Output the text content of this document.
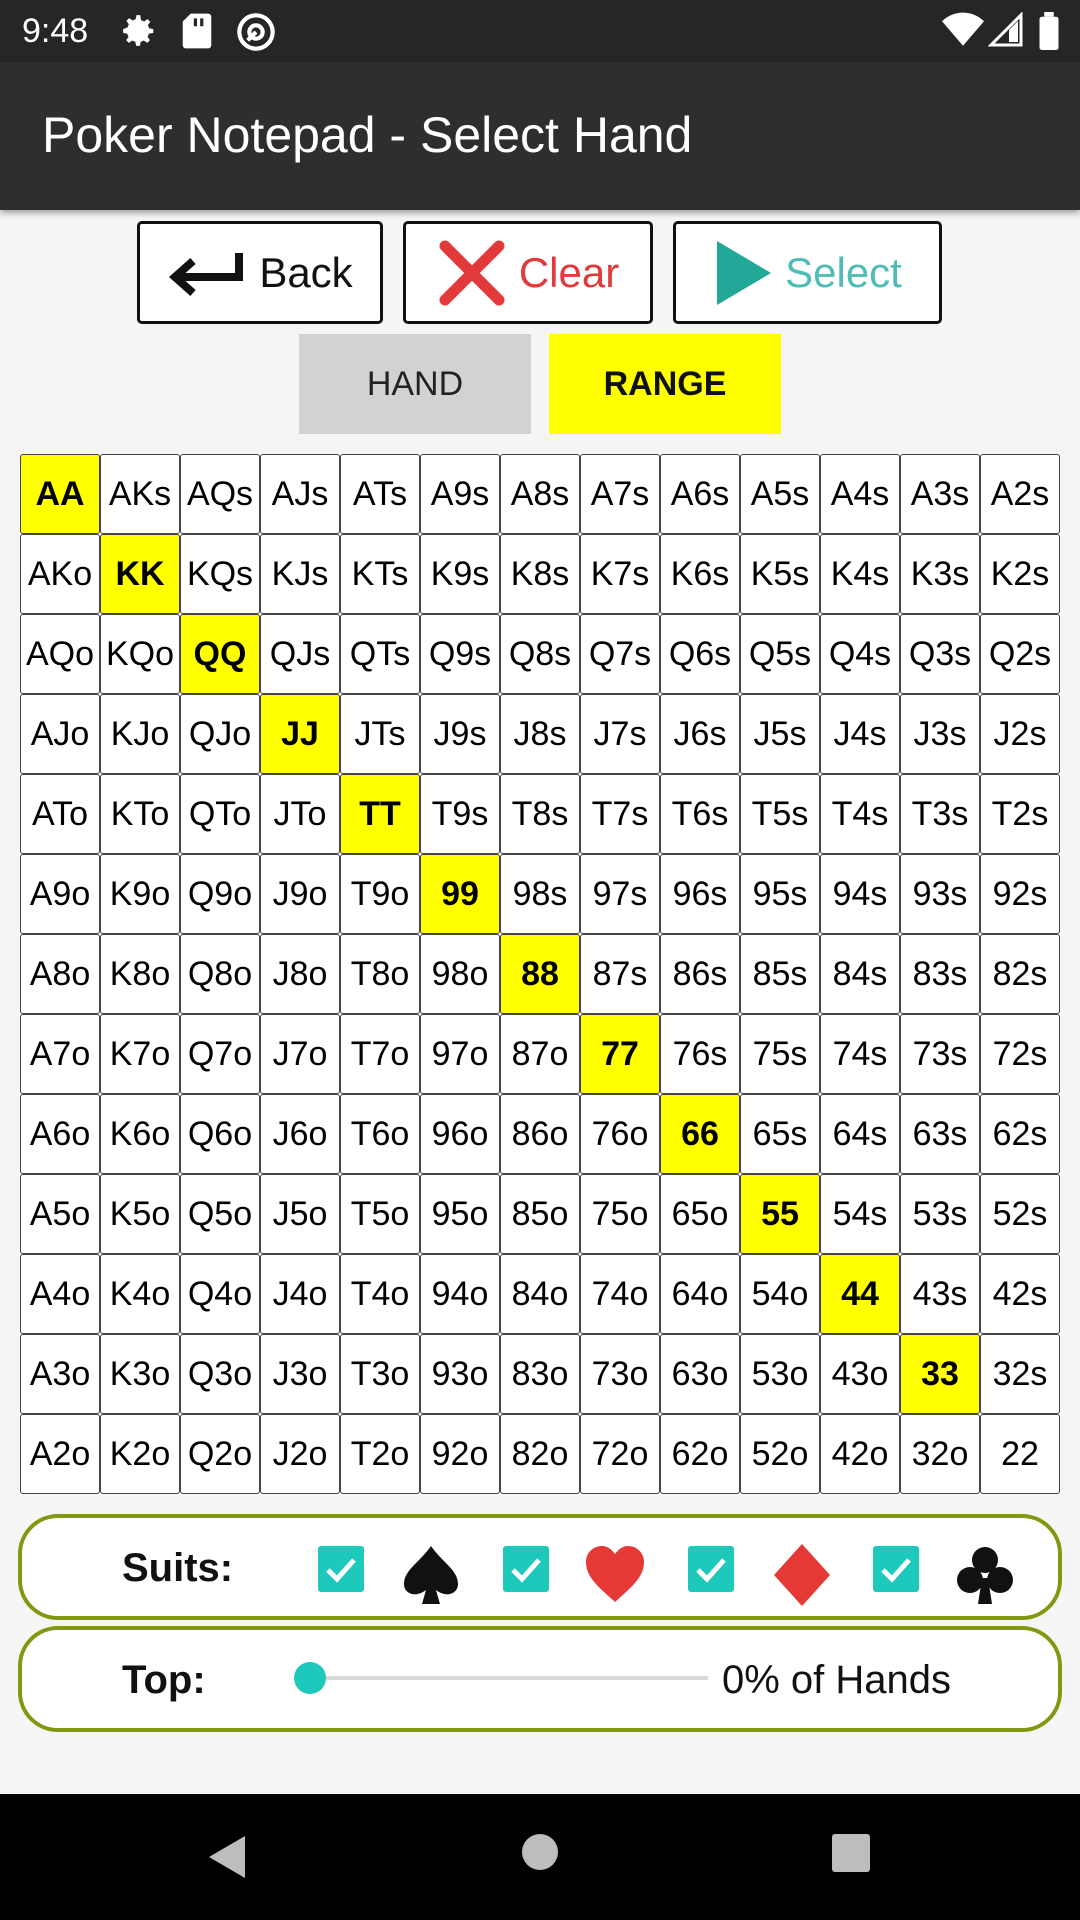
9:48
Poker Notepad - Select Hand
Back	Clear	Select
HAND	RANGE
AA AKs AQs AJs ATs A9s A8s A7s A6s A5s A4s A3s A2s
AKo KK KQs KJs KTs K9s K8s K7s K6s K5s K4s K3s K2s
AQo KQo QQ QJs QTs Q9s Q8s Q7s Q6s Q5s Q4s Q3s Q2s
AJo KJo QJo JJ	JTs J9s J8s J7s J6s J5s J4s J3s J2s
ATo KTo QTo JTo TT T9s T8s T7s T6s T5s T4s T3s T2s
A9o K9o Q9o J9o T9o 99 98s 97s 96s 95s 94s 93s 92s
A8o K8o Q8o J8o T8o 98o 88 87s 86s 85s 84s 83s 82s
A7o K7o Q7o J7o T7o 97o 87o 77 76s 75s 74s 73s 72s
A6o K6o Q6o J6o T6o 96o 86o 76o 66 65s 64s 63s 62s
A5o K5o Q5o J5o T5o 95o 85o 75o 65o 55 54s 53s 52s
A4o K4o Q4o J4o T4o 94o 84o 74o 64o 54o 44 43s 42s
A3o K3o Q3o J3o T3o 93o 83o 73o 63o 53o 43o 33 32s
A2o K2o Q2o J2o T2o 92o 82o 72o 62o 52o 42o 32o 22
Suits:
Top:	0% of Hands
